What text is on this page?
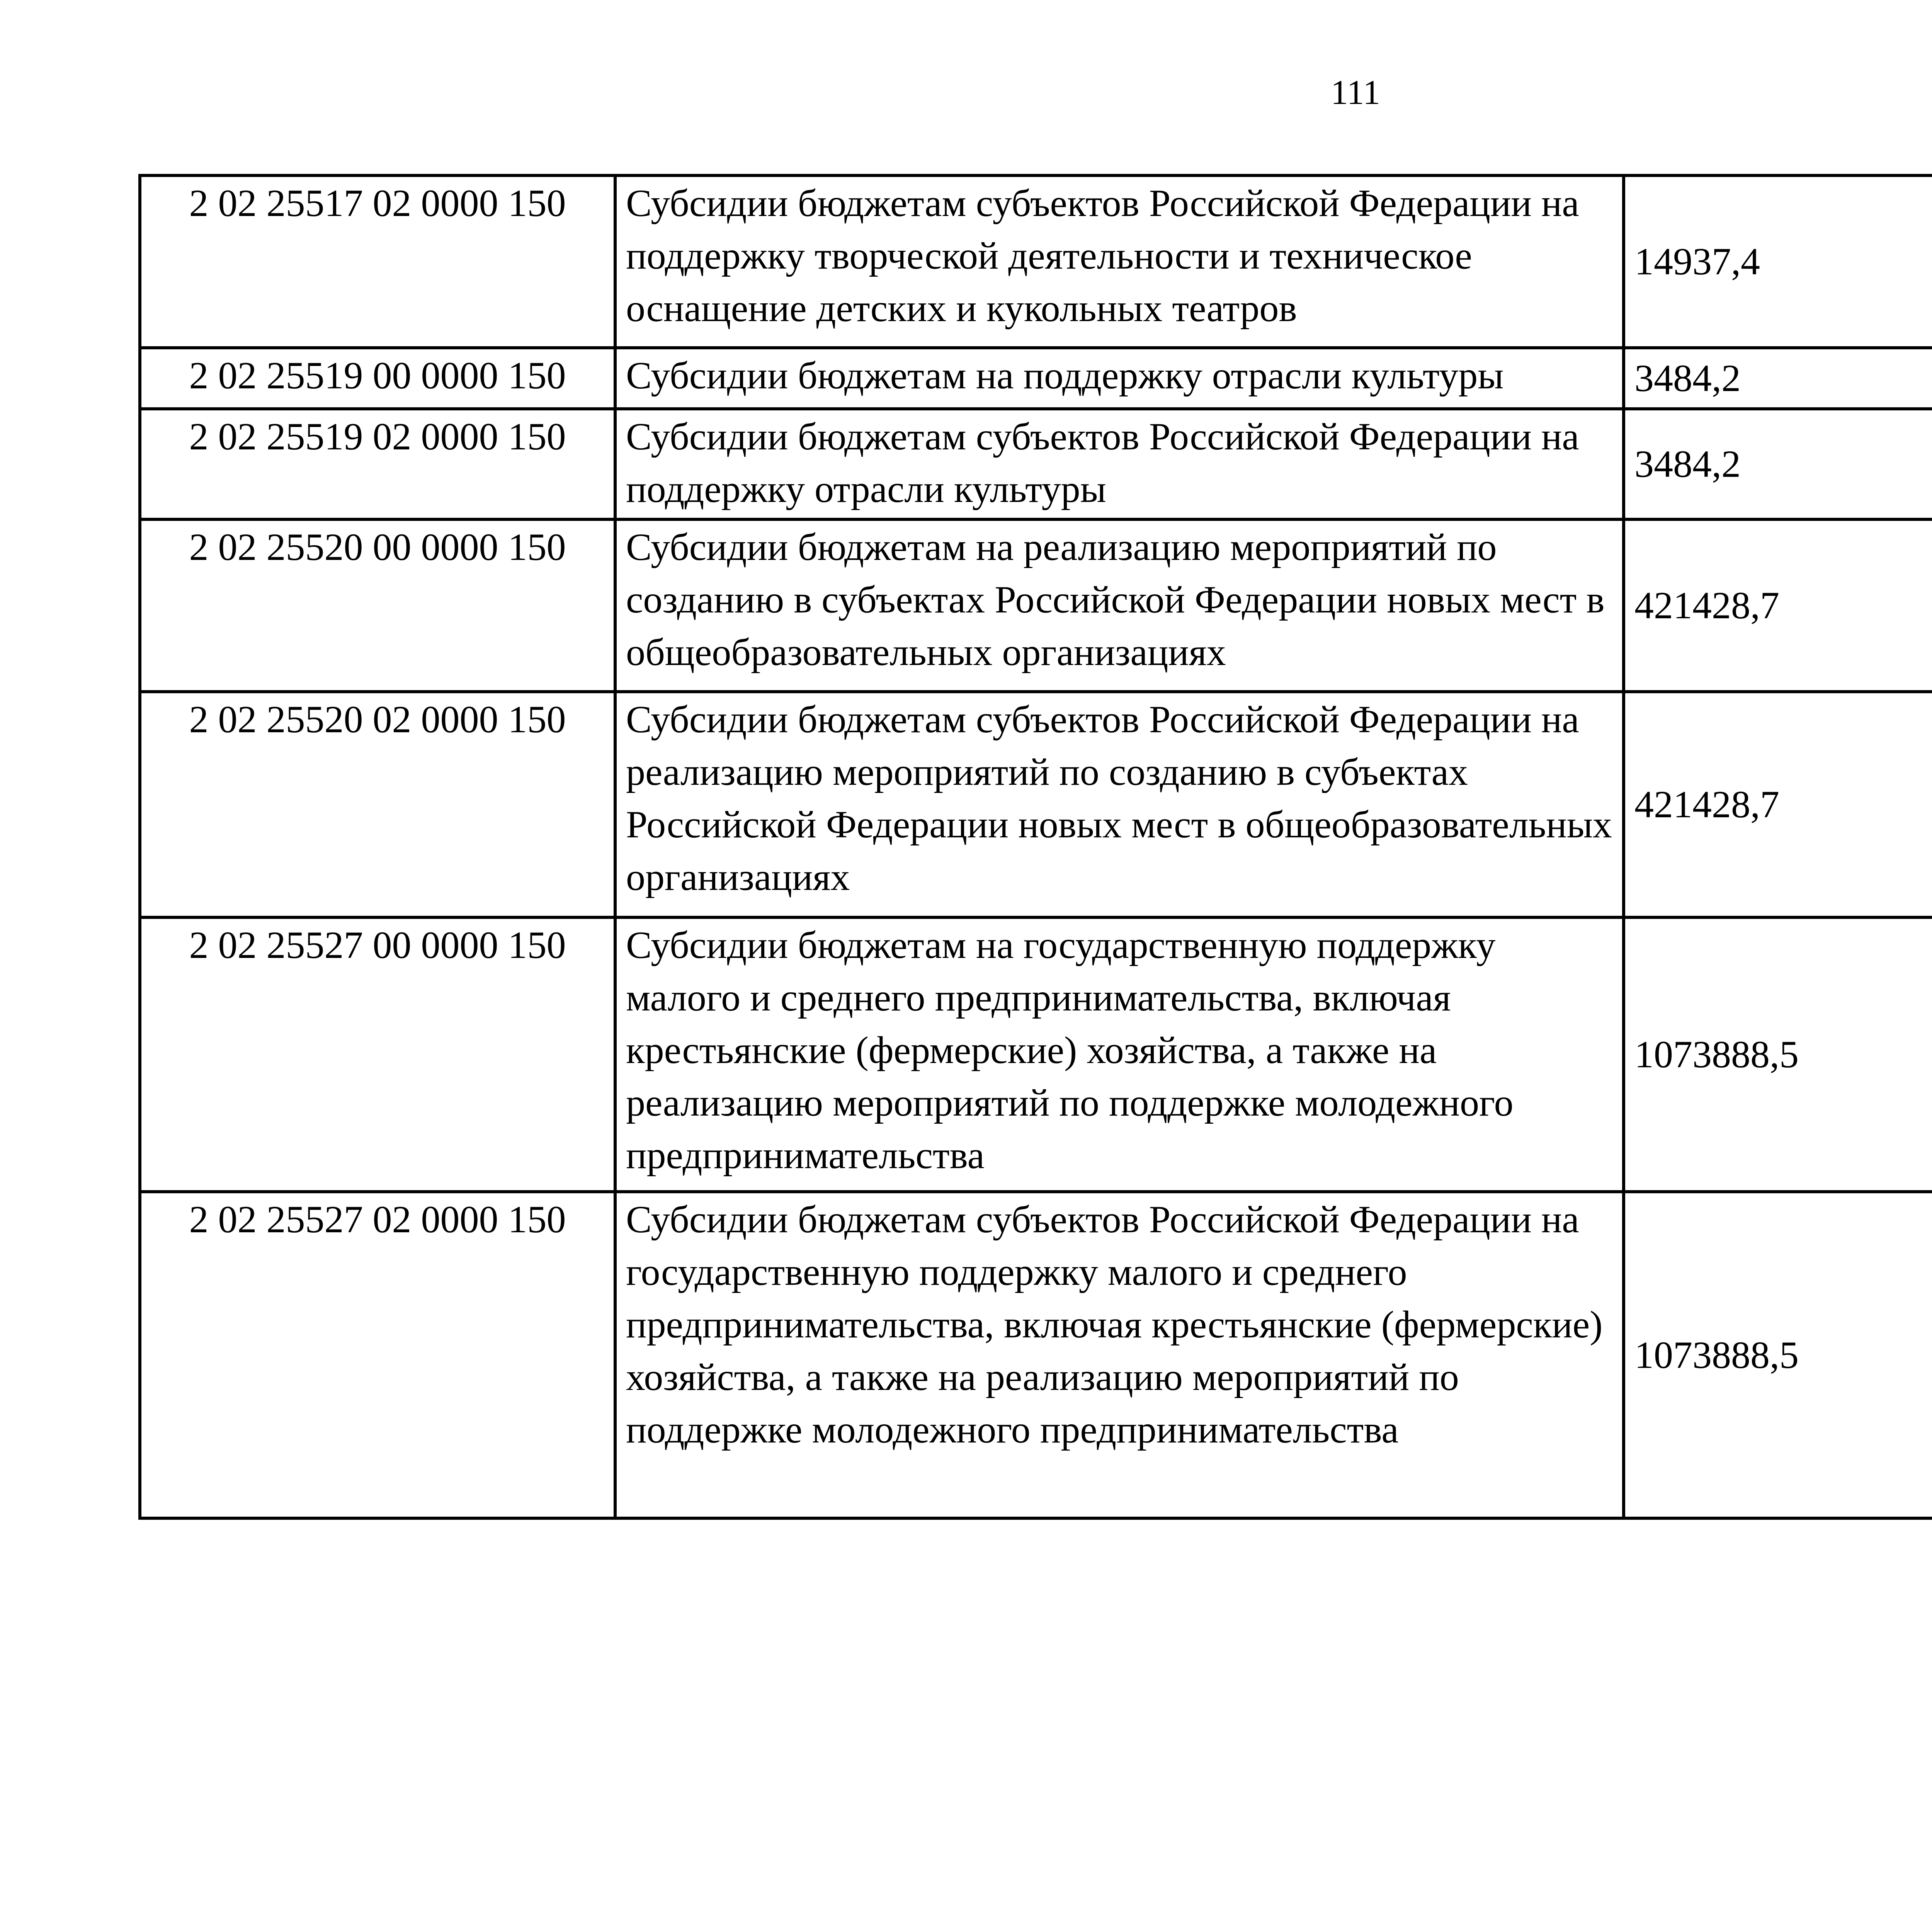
111
2 02 25517 02 0000 150	Субсидии бюджетам субъектов Российской Федерации на поддержку творческой деятельности и техническое оснащение детских и кукольных театров	14937,4		
2 02 25519 00 0000 150	Субсидии бюджетам на поддержку отрасли культуры	3484,2		
2 02 25519 02 0000 150	Субсидии бюджетам субъектов Российской Федерации на поддержку отрасли культуры	3484,2		
2 02 25520 00 0000 150	Субсидии бюджетам на реализацию мероприятий по созданию в субъектах Российской Федерации новых мест в общеобразовательных организациях	421428,7		
2 02 25520 02 0000 150	Субсидии бюджетам субъектов Российской Федерации на реализацию мероприятий по созданию в субъектах Российской Федерации новых мест в общеобразовательных организациях	421428,7		
2 02 25527 00 0000 150	Субсидии бюджетам на государственную поддержку малого и среднего предпринимательства, включая крестьянские (фермерские) хозяйства, а также на реализацию мероприятий по поддержке молодежного предпринимательства	1073888,5		
2 02 25527 02 0000 150	Субсидии бюджетам субъектов Российской Федерации на государственную поддержку малого и среднего предпринимательства, включая крестьянские (фермерские) хозяйства, а также на реализацию мероприятий по поддержке молодежного предпринимательства	1073888,5		
